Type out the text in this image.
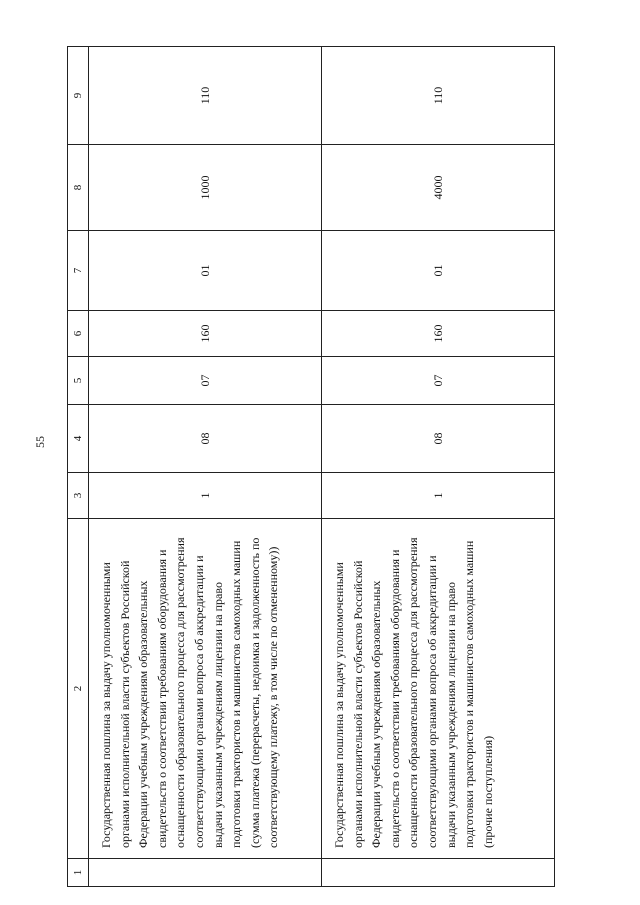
55
1	2	3	4	5	6	7	8	9
	Государственная пошлина за выдачу уполномоченными органами исполнительной власти субъектов Российской Федерации учебным учреждениям образовательных свидетельств о соответствии требованиям оборудования и оснащенности образовательного процесса для рассмотрения соответствующими органами вопроса об аккредитации и выдачи указанным учреждениям лицензии на право подготовки трактористов и машинистов самоходных машин (сумма платежа (перерасчеты, недоимка и задолженность по соответствующему платежу, в том числе по отмененному))	1	08	07	160	01	1000	110
	Государственная пошлина за выдачу уполномоченными органами исполнительной власти субъектов Российской Федерации учебным учреждениям образовательных свидетельств о соответствии требованиям оборудования и оснащенности образовательного процесса для рассмотрения соответствующими органами вопроса об аккредитации и выдачи указанным учреждениям лицензии на право подготовки трактористов и машинистов самоходных машин (прочие поступления)	1	08	07	160	01	4000	110
